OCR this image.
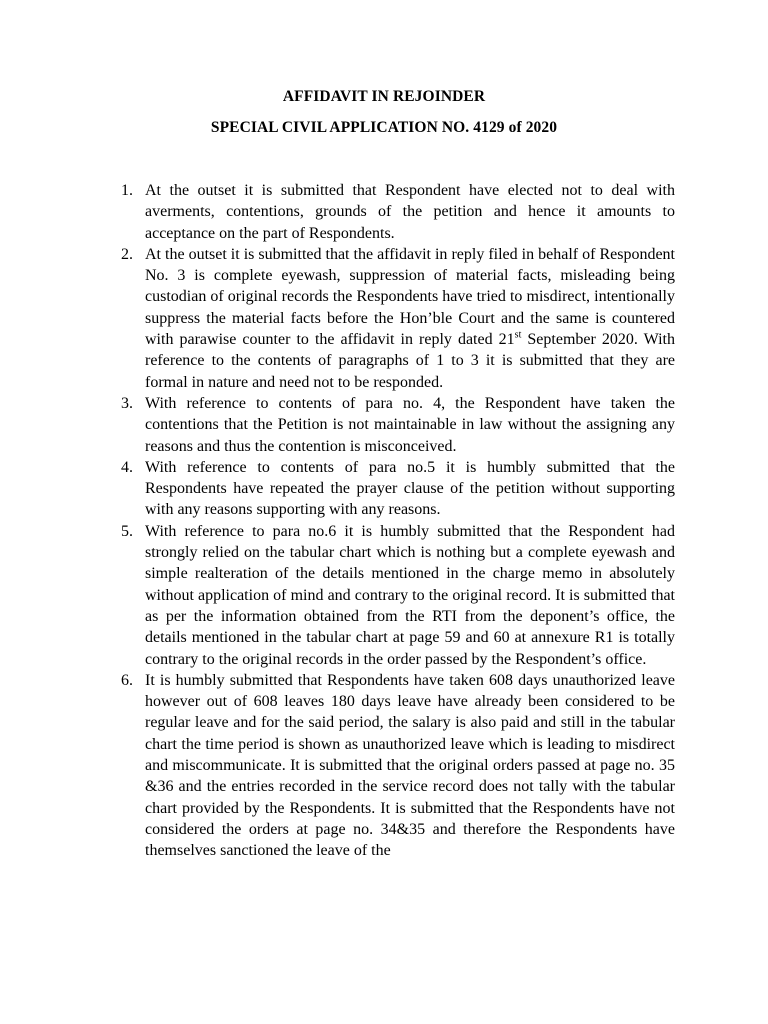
AFFIDAVIT IN REJOINDER
SPECIAL CIVIL APPLICATION NO. 4129 of 2020
1. At the outset it is submitted that Respondent have elected not to deal with averments, contentions, grounds of the petition and hence it amounts to acceptance on the part of Respondents.
2. At the outset it is submitted that the affidavit in reply filed in behalf of Respondent No. 3 is complete eyewash, suppression of material facts, misleading being custodian of original records the Respondents have tried to misdirect, intentionally suppress the material facts before the Hon’ble Court and the same is countered with parawise counter to the affidavit in reply dated 21st September 2020. With reference to the contents of paragraphs of 1 to 3 it is submitted that they are formal in nature and need not to be responded.
3. With reference to contents of para no. 4, the Respondent have taken the contentions that the Petition is not maintainable in law without the assigning any reasons and thus the contention is misconceived.
4. With reference to contents of para no.5 it is humbly submitted that the Respondents have repeated the prayer clause of the petition without supporting with any reasons supporting with any reasons.
5. With reference to para no.6 it is humbly submitted that the Respondent had strongly relied on the tabular chart which is nothing but a complete eyewash and simple realteration of the details mentioned in the charge memo in absolutely without application of mind and contrary to the original record. It is submitted that as per the information obtained from the RTI from the deponent’s office, the details mentioned in the tabular chart at page 59 and 60 at annexure R1 is totally contrary to the original records in the order passed by the Respondent’s office.
6. It is humbly submitted that Respondents have taken 608 days unauthorized leave however out of 608 leaves 180 days leave have already been considered to be regular leave and for the said period, the salary is also paid and still in the tabular chart the time period is shown as unauthorized leave which is leading to misdirect and miscommunicate. It is submitted that the original orders passed at page no. 35 &36 and the entries recorded in the service record does not tally with the tabular chart provided by the Respondents. It is submitted that the Respondents have not considered the orders at page no. 34&35 and therefore the Respondents have themselves sanctioned the leave of the
